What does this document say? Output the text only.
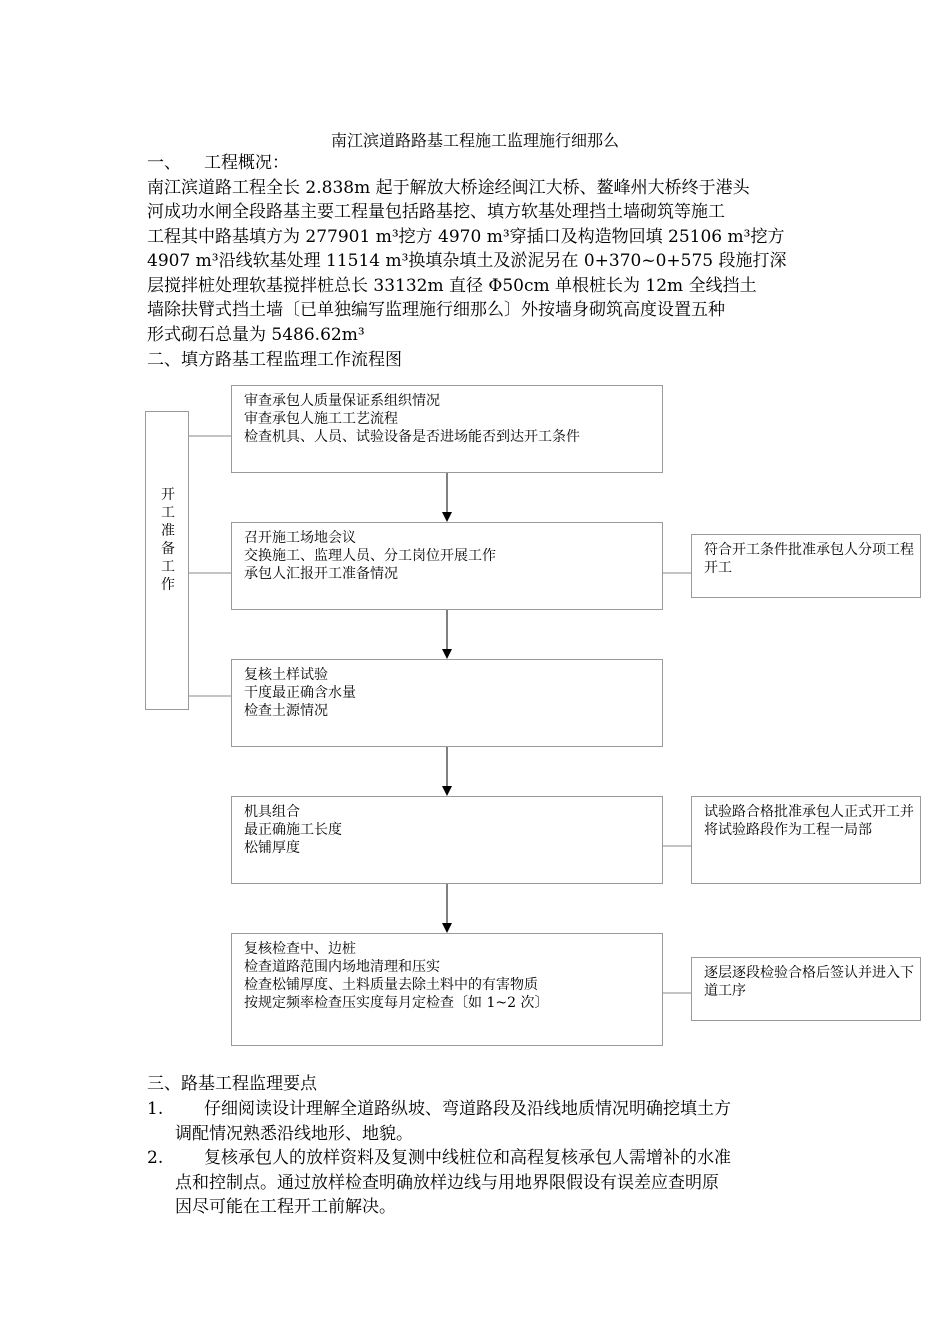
南江滨道路路基工程施工监理施行细那么
一、 工程概况：
南江滨道路工程全长 2.838m 起于解放大桥途经闽江大桥、鳌峰州大桥终于港头
河成功水闸全段路基主要工程量包括路基挖、填方软基处理挡土墙砌筑等施工
工程其中路基填方为 277901 m³挖方 4970 m³穿插口及构造物回填 25106 m³挖方
4907 m³沿线软基处理 11514 m³换填杂填土及淤泥另在 0+370~0+575 段施打深
层搅拌桩处理软基搅拌桩总长 33132m 直径 Φ50cm 单根桩长为 12m 全线挡土
墙除扶臂式挡土墙〔已单独编写监理施行细那么〕外按墙身砌筑高度设置五种
形式砌石总量为 5486.62m³
二、填方路基工程监理工作流程图
开工准备工作
审查承包人质量保证系组织情况
审查承包人施工工艺流程
检查机具、人员、试验设备是否进场能否到达开工条件
召开施工场地会议
交换施工、监理人员、分工岗位开展工作
承包人汇报开工准备情况
复核土样试验
干度最正确含水量
检查土源情况
机具组合
最正确施工长度
松铺厚度
复核检查中、边桩
检查道路范围内场地清理和压实
检查松铺厚度、土料质量去除土料中的有害物质
按规定频率检查压实度每月定检查〔如 1~2 次〕
符合开工条件批准承包人分项工程开工
试验路合格批准承包人正式开工并将试验路段作为工程一局部
逐层逐段检验合格后签认并进入下道工序
三、路基工程监理要点
1. 仔细阅读设计理解全道路纵坡、弯道路段及沿线地质情况明确挖填土方
调配情况熟悉沿线地形、地貌。
2. 复核承包人的放样资料及复测中线桩位和高程复核承包人需增补的水准
点和控制点。通过放样检查明确放样边线与用地界限假设有误差应查明原
因尽可能在工程开工前解决。
